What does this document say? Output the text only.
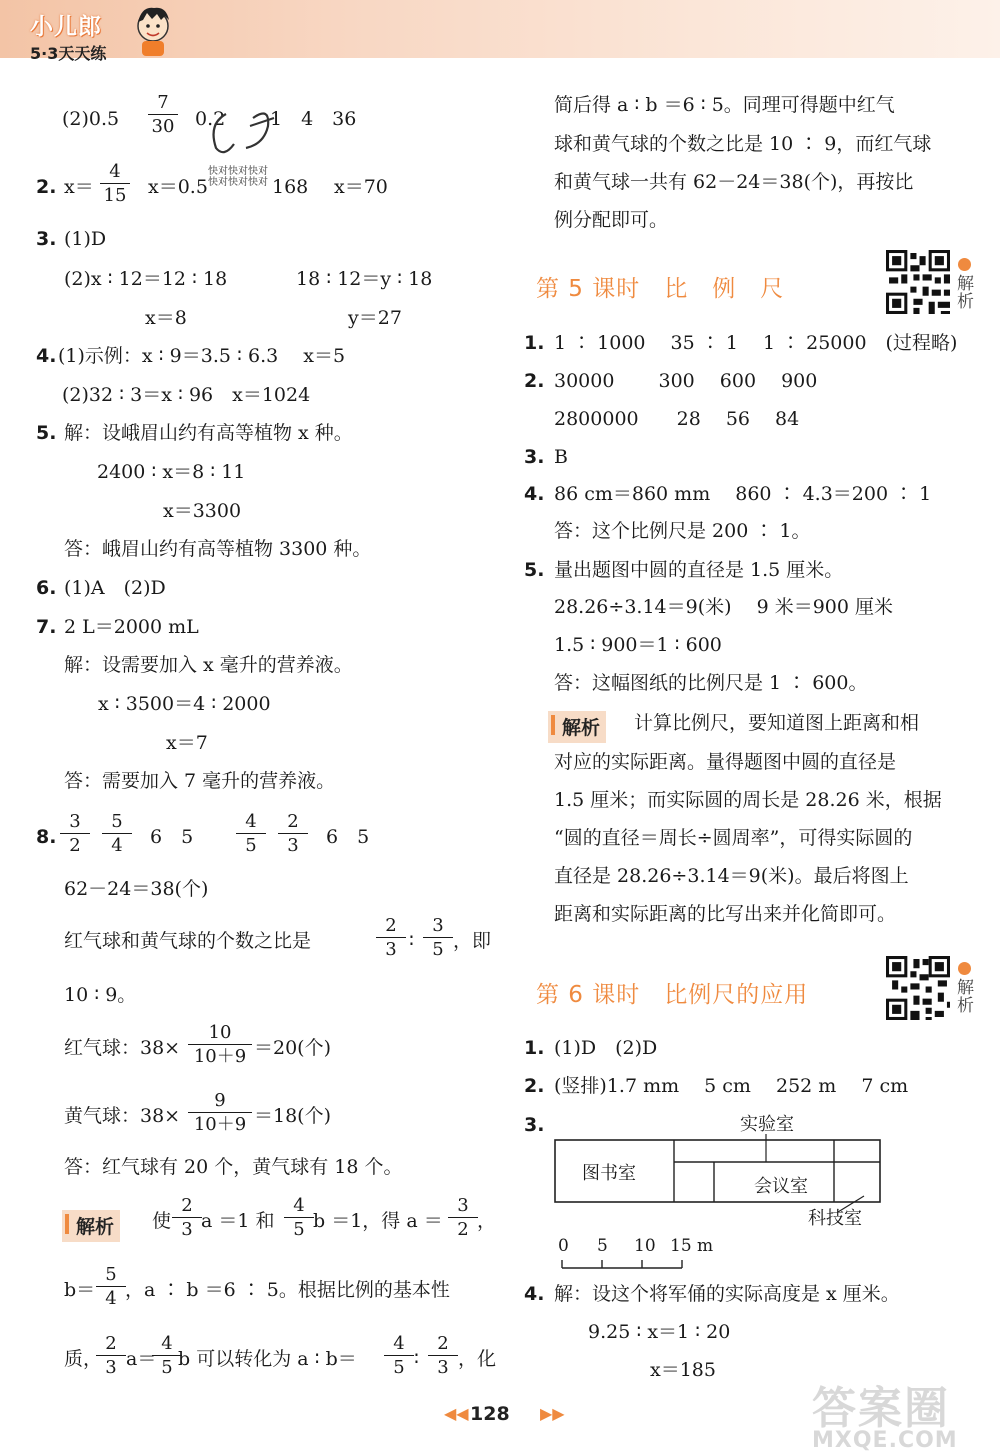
小儿郎
5·3天天练
(2)0.5
7
30 0.2 1　4　36
快对快对快对
快对快对快对
2. x＝
4
15 x＝0.5	168 x＝70
3. (1)D
(2)x ∶ 12＝12 ∶ 18	18 ∶ 12＝y ∶ 18
x＝8	y＝27
4. (1)示例：x ∶ 9＝3.5 ∶ 6.3　 x＝5
(2)32 ∶ 3＝x ∶ 96　x＝1024
5. 解：设峨眉山约有高等植物 x 种。
2400 ∶ x＝8 ∶ 11
x＝3300
答：峨眉山约有高等植物 3300 种。
6. (1)A　(2)D
7. 2 L＝2000 mL
解：设需要加入 x 毫升的营养液。
x ∶ 3500＝4 ∶ 2000
x＝7
答：需要加入 7 毫升的营养液。
8.
3
2
5
4	6　5
4
5
2
3	6　5
62－24＝38(个)
红气球和黄气球的个数之比是
2
3 ∶
3
5 ，即
10 ∶ 9。
红气球：38×
10
10＋9 ＝20(个)
黄气球：38×
9
10＋9 ＝18(个)
答：红气球有 20 个，黄气球有 18 个。
解析	使
2
3 a ＝1 和
4
5 b ＝1，得 a ＝
3
2 ，
b＝
5
4 ，a ∶ b ＝6 ∶ 5。根据比例的基本性
质，
2
3 a＝
4
5 b 可以转化为 a ∶ b＝
4
5 ∶
2
3 ，化
简后得 a ∶ b ＝6 ∶ 5。同理可得题中红气
球和黄气球的个数之比是 10 ∶ 9，而红气球
和黄气球一共有 62－24＝38(个)，再按比
例分配即可。
第 5 课时　比　例　尺	解析
1. 1 ∶ 1000　 35 ∶ 1　 1 ∶ 25000　(过程略)
2. 30000　　 300　 600　 900
2800000　　28　 56　 84
3. B
4. 86 cm＝860 mm　 860 ∶ 4.3＝200 ∶ 1
答：这个比例尺是 200 ∶ 1。
5. 量出题图中圆的直径是 1.5 厘米。
28.26÷3.14＝9(米)　 9 米＝900 厘米
1.5 ∶ 900＝1 ∶ 600
答：这幅图纸的比例尺是 1 ∶ 600。
解析	计算比例尺，要知道图上距离和相
对应的实际距离。量得题图中圆的直径是
1.5 厘米；而实际圆的周长是 28.26 米，根据
“圆的直径＝周长÷圆周率”，可得实际圆的
直径是 28.26÷3.14＝9(米)。最后将图上
距离和实际距离的比写出来并化简即可。
第 6 课时　比例尺的应用	解析
1. (1)D　(2)D
2. (竖排)1.7 mm　 5 cm　 252 m　 7 cm
3.	实验室
图书室
会议室
科技室
0 5 10 15 m
4. 解：设这个将军俑的实际高度是 x 厘米。
9.25 ∶ x＝1 ∶ 20
x＝185
◀◀ 128 ▶▶	答案圈
MXQE.COM
